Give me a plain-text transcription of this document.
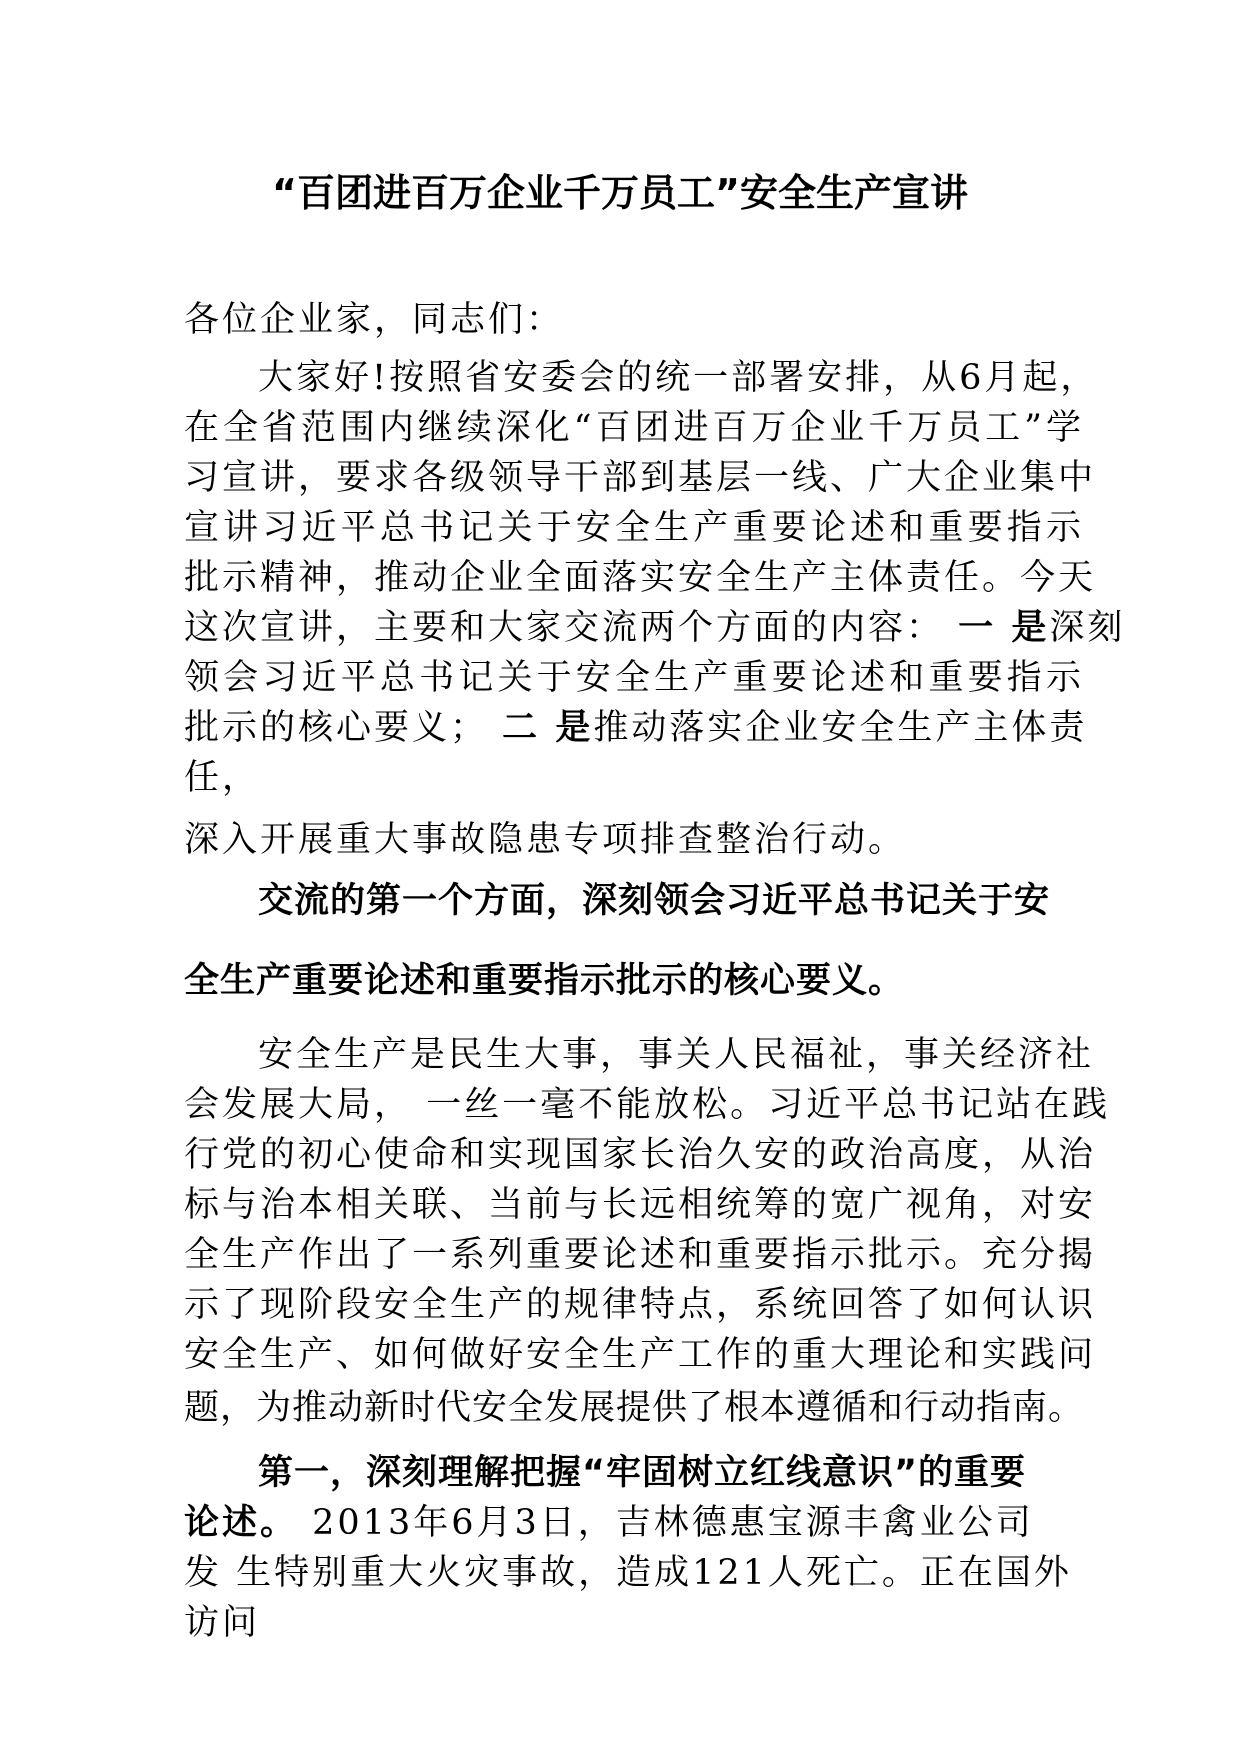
“百团进百万企业千万员工”安全生产宣讲

各位企业家，同志们：

大家好!按照省安委会的统一部署安排，从6月起，

在全省范围内继续深化“百团进百万企业千万员工”学

习宣讲，要求各级领导干部到基层一线、广大企业集中

宣讲习近平总书记关于安全生产重要论述和重要指示

批示精神，推动企业全面落实安全生产主体责任。今天

这次宣讲，主要和大家交流两个方面的内容： 一 是深刻

领会习近平总书记关于安全生产重要论述和重要指示

批示的核心要义； 二 是推动落实企业安全生产主体责

任，

深入开展重大事故隐患专项排查整治行动。

交流的第一个方面，深刻领会习近平总书记关于安

全生产重要论述和重要指示批示的核心要义。

安全生产是民生大事，事关人民福祉，事关经济社

会发展大局， 一丝一毫不能放松。习近平总书记站在践

行党的初心使命和实现国家长治久安的政治高度，从治

标与治本相关联、当前与长远相统筹的宽广视角，对安

全生产作出了一系列重要论述和重要指示批示。充分揭

示了现阶段安全生产的规律特点，系统回答了如何认识

安全生产、如何做好安全生产工作的重大理论和实践问

题，为推动新时代安全发展提供了根本遵循和行动指南。

第一，深刻理解把握“牢固树立红线意识”的重要

论述。 2013年6月3日，吉林德惠宝源丰禽业公司

发 生特别重大火灾事故，造成121人死亡。正在国外

访问
